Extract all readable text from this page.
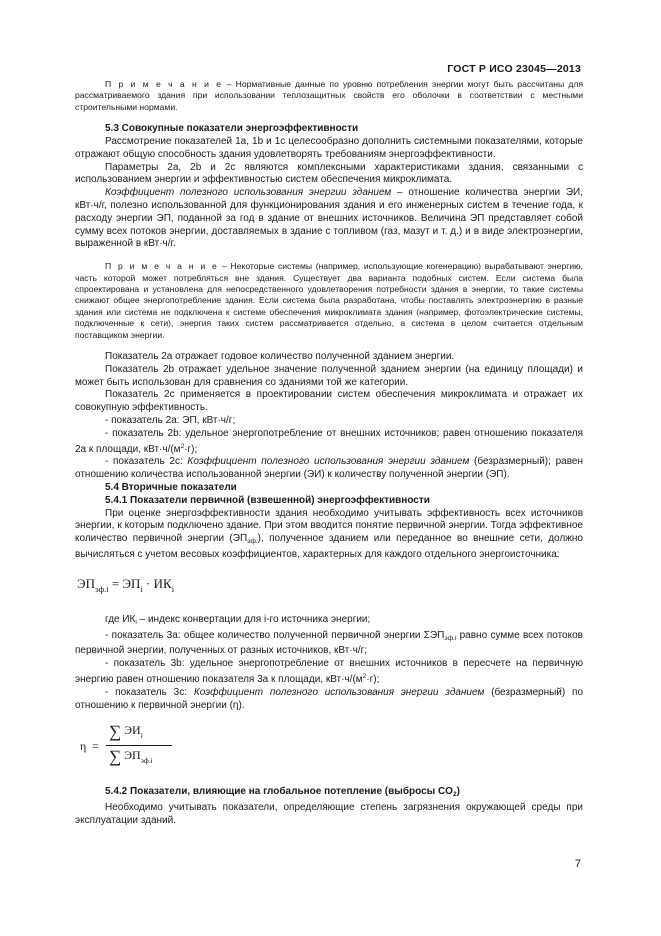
ГОСТ Р ИСО 23045—2013

П р и м е ч а н и е – Нормативные данные по уровню потребления энергии могут быть рассчитаны для рассматриваемого здания при использовании теплозащитных свойств его оболочки в соответствии с местными строительными нормами.

5.3 Совокупные показатели энергоэффективности

Рассмотрение показателей 1a, 1b и 1c целесообразно дополнить системными показателями, которые отражают общую способность здания удовлетворять требованиям энергоэффективности.

Параметры 2a, 2b и 2c являются комплексными характеристиками здания, связанными с использованием энергии и эффективностью систем обеспечения микроклимата.

Коэффициент полезного использования энергии зданием – отношение количества энергии ЭИ, кВт·ч/г, полезно использованной для функционирования здания и его инженерных систем в течение года, к расходу энергии ЭП, поданной за год в здание от внешних источников. Величина ЭП представляет собой сумму всех потоков энергии, доставляемых в здание с топливом (газ, мазут и т. д.) и в виде электроэнергии, выраженной в кВт·ч/г.

П р и м е ч а н и е – Некоторые системы (например, использующие когенерацию) вырабатывают энергию, часть которой может потребляться вне здания. Существует два варианта подобных систем. Если система была спроектирована и установлена для непосредственного удовлетворения потребности здания в энергии, то такие системы снижают общее энергопотребление здания. Если система была разработана, чтобы поставлять электроэнергию в разные здания или система не подключена к системе обеспечения микроклимата здания (например, фотоэлектрические системы, подключенные к сети), энергия таких систем рассматривается отдельно, а система в целом считается отдельным поставщиком энергии.

Показатель 2a отражает годовое количество полученной зданием энергии.

Показатель 2b отражает удельное значение полученной зданием энергии (на единицу площади) и может быть использован для сравнения со зданиями той же категории.

Показатель 2c применяется в проектировании систем обеспечения микроклимата и отражает их совокупную эффективность.

- показатель 2a: ЭП, кВт·ч/г;

- показатель 2b: удельное энергопотребление от внешних источников; равен отношению показателя 2a к площади, $кВт\cdot ч/(м^2\cdot г)$;

- показатель 2c: Коэффициент полезного использования энергии зданием (безразмерный); равен отношению количества использованной энергии (ЭИ) к количеству полученной энергии (ЭП).

5.4 Вторичные показатели

5.4.1 Показатели первичной (взвешенной) энергоэффективности

При оценке энергоэффективности здания необходимо учитывать эффективность всех источников энергии, к которым подключено здание. При этом вводится понятие первичной энергии. Тогда эффективное количество первичной энергии $(ЭП_{эф.})$, полученное зданием или переданное во внешние сети, должно вычисляться с учетом весовых коэффициентов, характерных для каждого отдельного энергоисточника:

$ЭП_{эф.i} = ЭП_i \cdot ИК_i$

где $ИК_i$ – индекс конвертации для i-го источника энергии;

- показатель 3a: общее количество полученной первичной энергии $\Sigma ЭП_{эф.i}$ равно сумме всех потоков первичной энергии, полученных от разных источников, кВт·ч/г;

- показатель 3b: удельное энергопотребление от внешних источников в пересчете на первичную энергию равен отношению показателя 3a к площади, $кВт\cdot ч/(м^2\cdot г)$;

- показатель 3c: Коэффициент полезного использования энергии зданием (безразмерный) по отношению к первичной энергии (η).

η =
∑ $ЭИ_i$
∑ $ЭП_{эф.i}$

5.4.2 Показатели, влияющие на глобальное потепление (выбросы $CO_2$)

Необходимо учитывать показатели, определяющие степень загрязнения окружающей среды при эксплуатации зданий.

7
